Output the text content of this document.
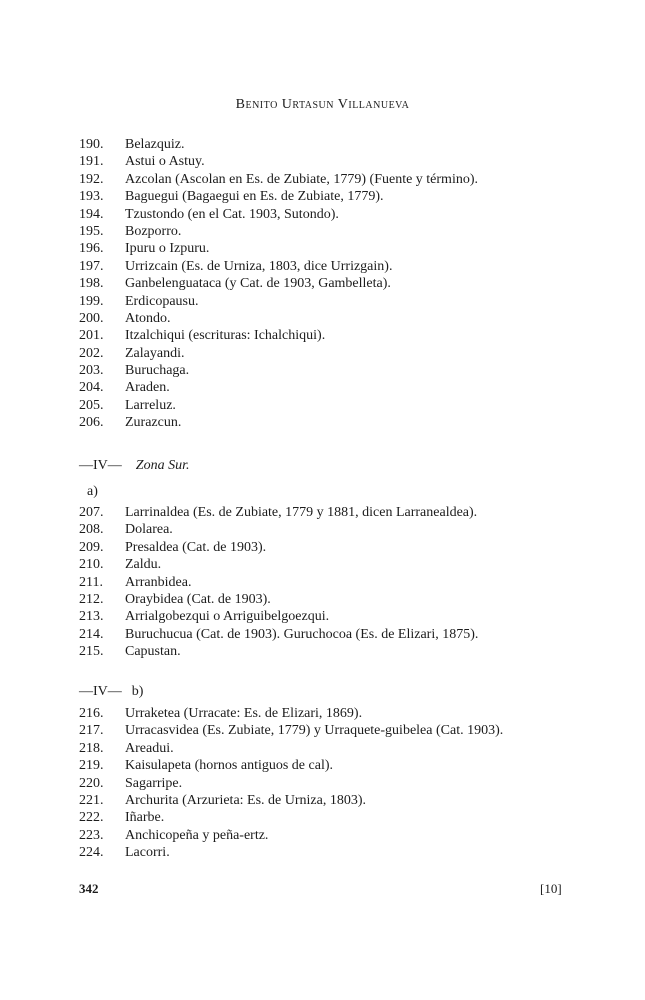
Benito Urtasun Villanueva
190.	Belazquiz.
191.	Astui o Astuy.
192.	Azcolan (Ascolan en Es. de Zubiate, 1779) (Fuente y término).
193.	Baguegui (Bagaegui en Es. de Zubiate, 1779).
194.	Tzustondo (en el Cat. 1903, Sutondo).
195.	Bozporro.
196.	Ipuru o Izpuru.
197.	Urrizcain (Es. de Urniza, 1803, dice Urrizgain).
198.	Ganbelenguataca (y Cat. de 1903, Gambelleta).
199.	Erdicopausu.
200.	Atondo.
201.	Itzalchiqui (escrituras: Ichalchiqui).
202.	Zalayandi.
203.	Buruchaga.
204.	Araden.
205.	Larreluz.
206.	Zurazcun.
—IV— Zona Sur.
a)
207.	Larrinaldea (Es. de Zubiate, 1779 y 1881, dicen Larranealdea).
208.	Dolarea.
209.	Presaldea (Cat. de 1903).
210.	Zaldu.
211.	Arranbidea.
212.	Oraybidea (Cat. de 1903).
213.	Arrialgobezqui o Arriguibelgoezqui.
214.	Buruchucua (Cat. de 1903). Guruchocoa (Es. de Elizari, 1875).
215.	Capustan.
—IV— b)
216.	Urraketea (Urracate: Es. de Elizari, 1869).
217.	Urracasvidea (Es. Zubiate, 1779) y Urraquete-guibelea (Cat. 1903).
218.	Areadui.
219.	Kaisulapeta (hornos antiguos de cal).
220.	Sagarripe.
221.	Archurita (Arzurieta: Es. de Urniza, 1803).
222.	Iñarbe.
223.	Anchicopeña y peña-ertz.
224.	Lacorri.
342	[10]
